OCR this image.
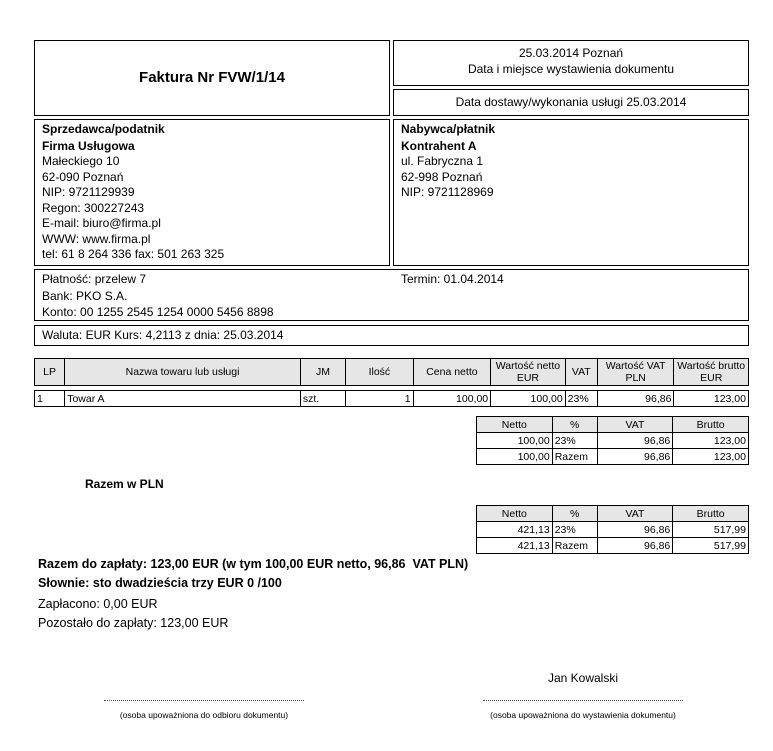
Faktura Nr FVW/1/14
25.03.2014 Poznań
Data i miejsce wystawienia dokumentu
Data dostawy/wykonania usługi 25.03.2014
Sprzedawca/podatnik
Firma Usługowa
Małeckiego 10
62-090 Poznań
NIP: 9721129939
Regon: 300227243
E-mail: biuro@firma.pl
WWW: www.firma.pl
tel: 61 8 264 336 fax: 501 263 325
Nabywca/płatnik
Kontrahent A
ul. Fabryczna 1
62-998 Poznań
NIP: 9721128969
Płatność: przelew 7	Termin: 01.04.2014
Bank: PKO S.A.
Konto: 00 1255 2545 1254 0000 5456 8898
Waluta: EUR Kurs: 4,2113 z dnia: 25.03.2014
LP	Nazwa towaru lub usługi	JM	Ilość	Cena netto	Wartość netto EUR	VAT	Wartość VAT PLN	Wartość brutto EUR

1	Towar A	szt.	1	100,00	100,00	23%	96,86	123,00
Netto	%	VAT	Brutto
100,00	23%	96,86	123,00
100,00	Razem	96,86	123,00
Razem w PLN
Netto	%	VAT	Brutto
421,13	23%	96,86	517,99
421,13	Razem	96,86	517,99
Razem do zapłaty: 123,00 EUR (w tym 100,00 EUR netto, 96,86  VAT PLN)
Słownie: sto dwadzieścia trzy EUR 0 /100
Zapłacono: 0,00 EUR
Pozostało do zapłaty: 123,00 EUR
Jan Kowalski
(osoba upoważniona do odbioru dokumentu)	(osoba upoważniona do wystawienia dokumentu)
